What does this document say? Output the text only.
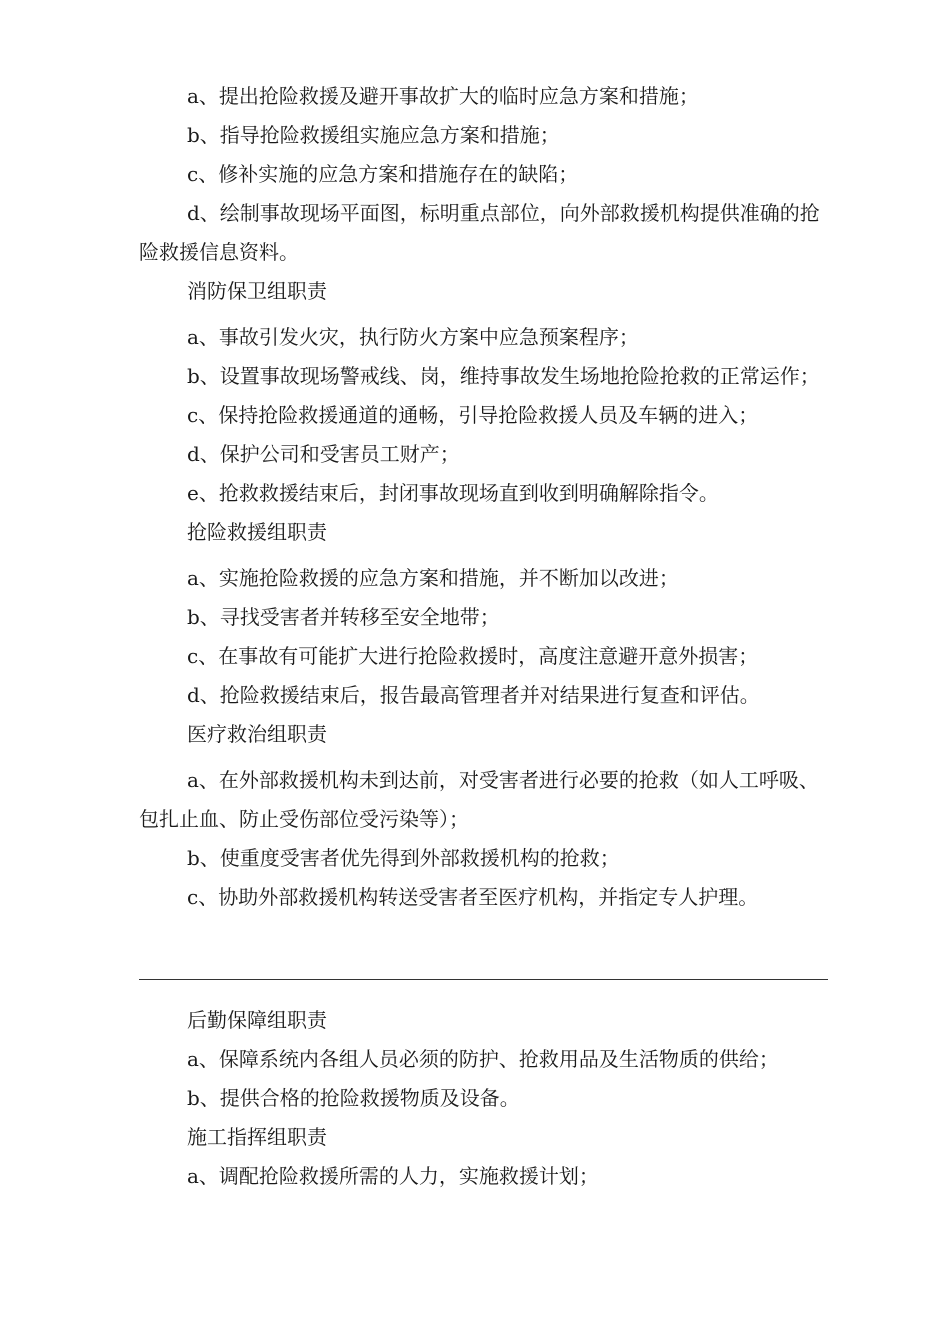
a、提出抢险救援及避开事故扩大的临时应急方案和措施；

b、指导抢险救援组实施应急方案和措施；

c、修补实施的应急方案和措施存在的缺陷；

d、绘制事故现场平面图，标明重点部位，向外部救援机构提供准确的抢险救援信息资料。

消防保卫组职责

a、事故引发火灾，执行防火方案中应急预案程序；

b、设置事故现场警戒线、岗，维持事故发生场地抢险抢救的正常运作；

c、保持抢险救援通道的通畅，引导抢险救援人员及车辆的进入；

d、保护公司和受害员工财产；

e、抢救救援结束后，封闭事故现场直到收到明确解除指令。

抢险救援组职责

a、实施抢险救援的应急方案和措施，并不断加以改进；

b、寻找受害者并转移至安全地带；

c、在事故有可能扩大进行抢险救援时，高度注意避开意外损害；

d、抢险救援结束后，报告最高管理者并对结果进行复查和评估。

医疗救治组职责

a、在外部救援机构未到达前，对受害者进行必要的抢救（如人工呼吸、包扎止血、防止受伤部位受污染等）；

b、使重度受害者优先得到外部救援机构的抢救；

c、协助外部救援机构转送受害者至医疗机构，并指定专人护理。

后勤保障组职责

a、保障系统内各组人员必须的防护、抢救用品及生活物质的供给；

b、提供合格的抢险救援物质及设备。

施工指挥组职责

a、调配抢险救援所需的人力，实施救援计划；
